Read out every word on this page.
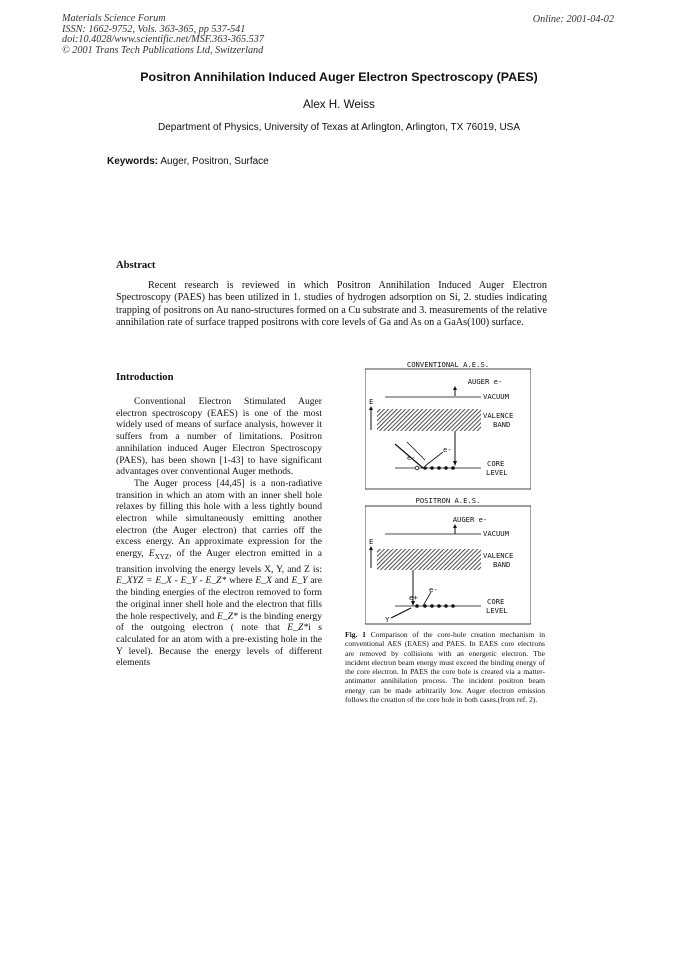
Materials Science Forum
ISSN: 1662-9752, Vols. 363-365, pp 537-541
doi:10.4028/www.scientific.net/MSF.363-365.537
© 2001 Trans Tech Publications Ltd, Switzerland
Online: 2001-04-02
Positron Annihilation Induced Auger Electron Spectroscopy (PAES)
Alex H. Weiss
Department of Physics, University of Texas at Arlington, Arlington, TX 76019, USA
Keywords: Auger, Positron, Surface
Abstract
Recent research is reviewed in which Positron Annihilation Induced Auger Electron Spectroscopy (PAES) has been utilized in 1. studies of hydrogen adsorption on Si, 2. studies indicating trapping of positrons on Au nano-structures formed on a Cu substrate and 3. measurements of the relative annihilation rate of surface trapped positrons with core levels of Ga and As on a GaAs(100) surface.
Introduction

Conventional Electron Stimulated Auger electron spectroscopy (EAES) is one of the most widely used of means of surface analysis, however it suffers from a number of limitations. Positron annihilation induced Auger Electron Spectroscopy (PAES), has been shown [1-43] to have significant advantages over conventional Auger methods.

The Auger process [44,45] is a non-radiative transition in which an atom with an inner shell hole relaxes by filling this hole with a less tightly bound electron while simultaneously emitting another electron (the Auger electron) that carries off the excess energy. An approximate expression for the energy, $E_{XYZ}$, of the Auger electron emitted in a transition involving the energy levels X, Y, and Z is: E_XYZ = E_X - E_Y - E_Z* where E_X and E_Y are the binding energies of the electron removed to form the original inner shell hole and the electron that fills the hole respectively, and E_Z* is the binding energy of the outgoing electron ( note that E_Z*i s calculated for an atom with a pre-existing hole in the Y level). Because the energy levels of different elements

CONVENTIONAL A.E.S.
AUGER e-
VACUUM
E
VALENCE
BAND
e-
e-
CORE
LEVEL
POSITRON A.E.S.
AUGER e-
VACUUM
E
VALENCE
BAND
e+
e-
Y
CORE
LEVEL
Fig. 1 Comparison of the core-hole creation mechanism in conventional AES (EAES) and PAES. In EAES core electrons are removed by collisions with an energetic electron. The incident electron beam energy must exceed the binding energy of the core electron. In PAES the core hole is created via a matter-antimatter annihilation process. The incident positron beam energy can be made arbitrarily low. Auger electron emission follows the creation of the core hole in both cases.(from ref. 2).
